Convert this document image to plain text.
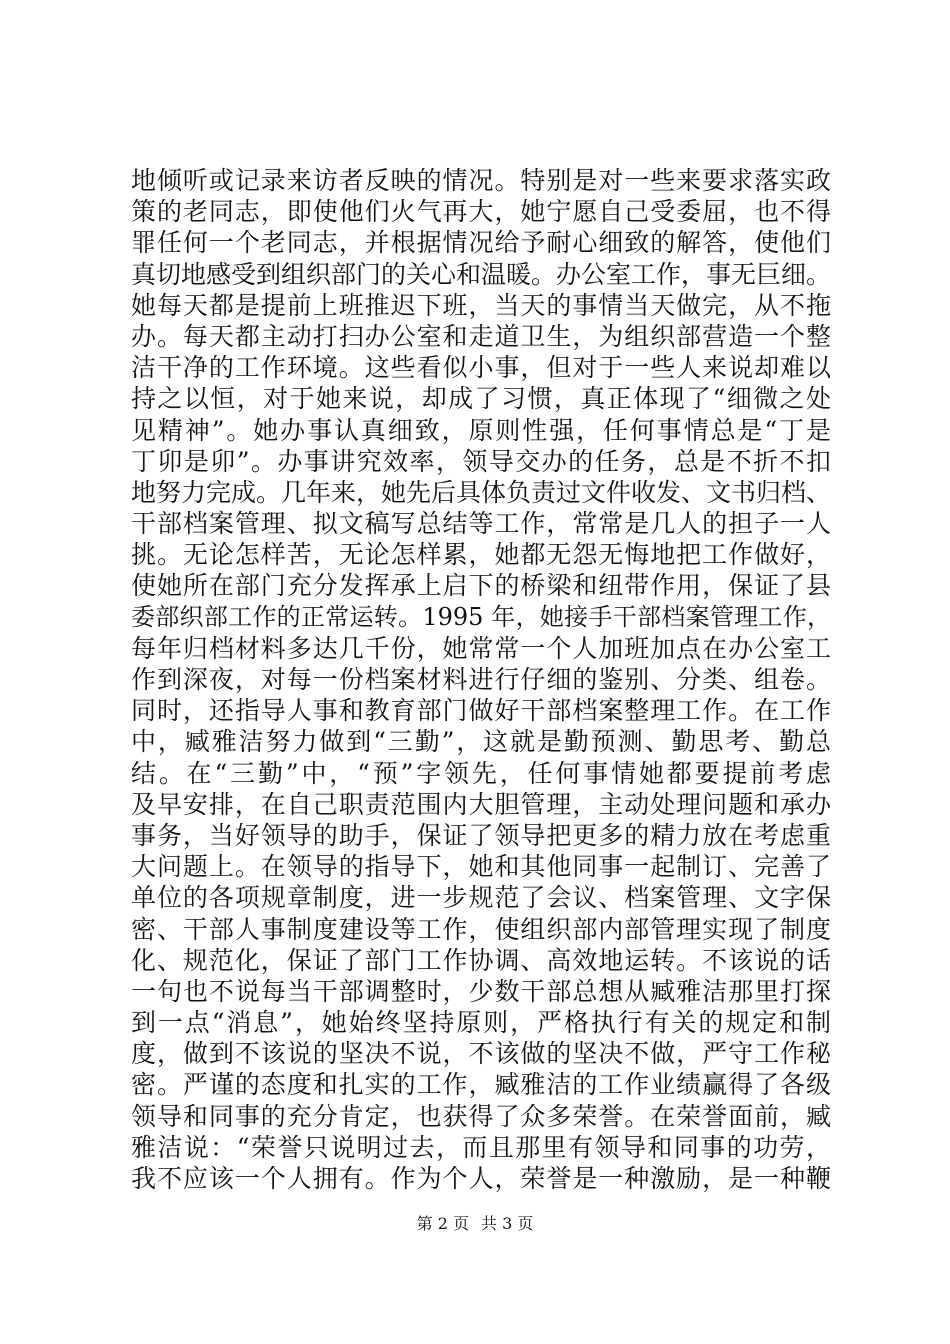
地倾听或记录来访者反映的情况。特别是对一些来要求落实政
策的老同志，即使他们火气再大，她宁愿自己受委屈，也不得
罪任何一个老同志，并根据情况给予耐心细致的解答，使他们
真切地感受到组织部门的关心和温暖。办公室工作，事无巨细。
她每天都是提前上班推迟下班，当天的事情当天做完，从不拖
办。每天都主动打扫办公室和走道卫生，为组织部营造一个整
洁干净的工作环境。这些看似小事，但对于一些人来说却难以
持之以恒，对于她来说，却成了习惯，真正体现了“细微之处
见精神”。她办事认真细致，原则性强，任何事情总是“丁是
丁卯是卯”。办事讲究效率，领导交办的任务，总是不折不扣
地努力完成。几年来，她先后具体负责过文件收发、文书归档、
干部档案管理、拟文稿写总结等工作，常常是几人的担子一人
挑。无论怎样苦，无论怎样累，她都无怨无悔地把工作做好，
使她所在部门充分发挥承上启下的桥梁和纽带作用，保证了县
委部织部工作的正常运转。1995 年，她接手干部档案管理工作，
每年归档材料多达几千份，她常常一个人加班加点在办公室工
作到深夜，对每一份档案材料进行仔细的鉴别、分类、组卷。
同时，还指导人事和教育部门做好干部档案整理工作。在工作
中，臧雅洁努力做到“三勤”，这就是勤预测、勤思考、勤总
结。在“三勤”中，“预”字领先，任何事情她都要提前考虑
及早安排，在自己职责范围内大胆管理，主动处理问题和承办
事务，当好领导的助手，保证了领导把更多的精力放在考虑重
大问题上。在领导的指导下，她和其他同事一起制订、完善了
单位的各项规章制度，进一步规范了会议、档案管理、文字保
密、干部人事制度建设等工作，使组织部内部管理实现了制度
化、规范化，保证了部门工作协调、高效地运转。不该说的话
一句也不说每当干部调整时，少数干部总想从臧雅洁那里打探
到一点“消息”，她始终坚持原则，严格执行有关的规定和制
度，做到不该说的坚决不说，不该做的坚决不做，严守工作秘
密。严谨的态度和扎实的工作，臧雅洁的工作业绩赢得了各级
领导和同事的充分肯定，也获得了众多荣誉。在荣誉面前，臧
雅洁说：“荣誉只说明过去，而且那里有领导和同事的功劳，
我不应该一个人拥有。作为个人，荣誉是一种激励，是一种鞭
第 2 页 共 3 页
